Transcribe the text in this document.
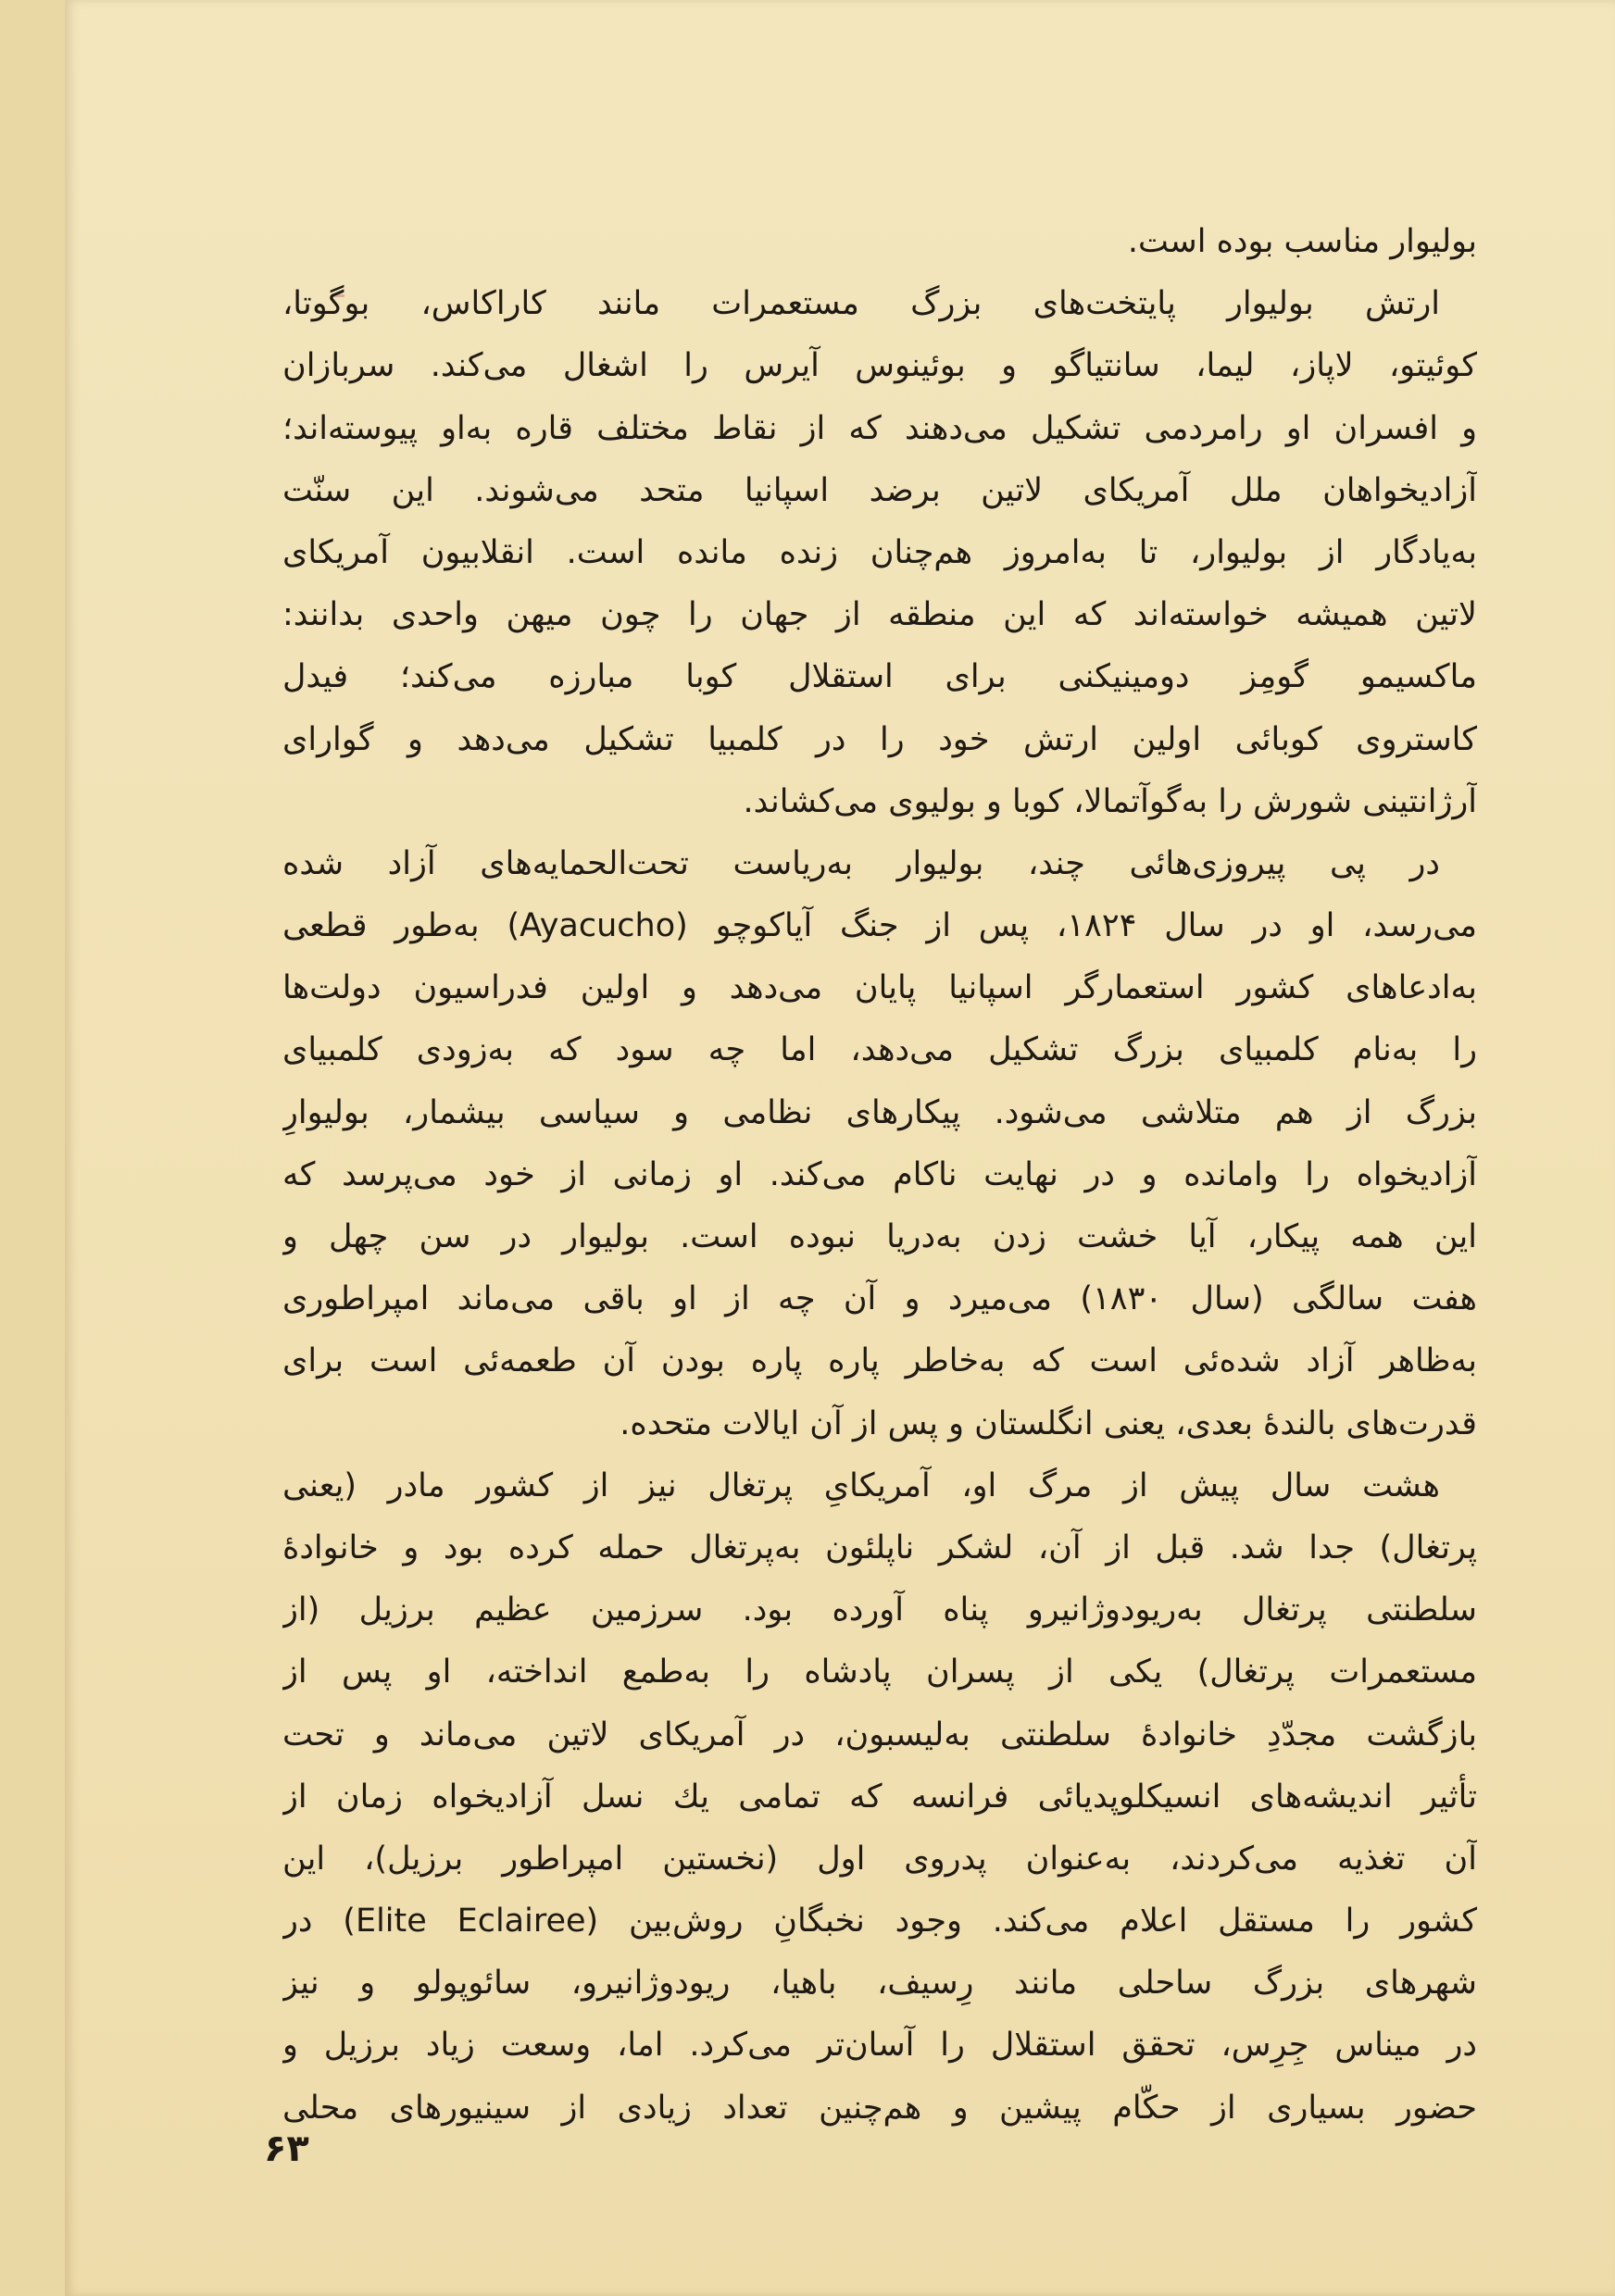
بولیوار مناسب بوده است.
ارتش بولیوار پایتخت‌های بزرگ مستعمرات مانند کاراکاس، بوگوتا،
کوئیتو، لاپاز، لیما، سانتیاگو و بوئینوس آیرس را اشغال می‌کند. سربازان
و افسران او رامردمی تشکیل می‌دهند که از نقاط مختلف قاره به‌او پیوسته‌اند؛
آزادیخواهان ملل آمریکای لاتین برضد اسپانیا متحد می‌شوند. این سنّت
به‌یادگار از بولیوار، تا به‌امروز هم‌چنان زنده مانده است. انقلابیون آمریکای
لاتین همیشه خواسته‌اند که این منطقه از جهان را چون میهن واحدی بدانند:
ماکسیمو گومِز دومینیکنی برای استقلال کوبا مبارزه می‌کند؛ فیدل
کاستروی کوبائی اولین ارتش خود را در کلمبیا تشکیل می‌دهد و گوارای
آرژانتینی شورش را به‌گوآتمالا، کوبا و بولیوی می‌کشاند.
در پی پیروزی‌هائی چند، بولیوار به‌ریاست تحت‌الحمایه‌های آزاد شده
می‌رسد، او در سال ۱۸۲۴، پس از جنگ آیاکوچو (Ayacucho) به‌طور قطعی
به‌ادعاهای کشور استعمارگر اسپانیا پایان می‌دهد و اولین فدراسیون دولت‌ها
را به‌نام کلمبیای بزرگ تشکیل می‌دهد، اما چه سود که به‌زودی کلمبیای
بزرگ از هم متلاشی می‌شود. پیکارهای نظامی و سیاسی بیشمار، بولیوارِ
آزادیخواه را وامانده و در نهایت ناکام می‌کند. او زمانی از خود می‌پرسد که
این همه پیکار، آیا خشت زدن به‌دریا نبوده است. بولیوار در سن چهل و
هفت سالگی (سال ۱۸۳۰) می‌میرد و آن چه از او باقی می‌ماند امپراطوری
به‌ظاهر آزاد شده‌ئی است که به‌خاطر پاره پاره بودن آن طعمه‌ئی است برای
قدرت‌های بالندهٔ بعدی، یعنی انگلستان و پس از آن ایالات متحده.
هشت سال پیش از مرگ او، آمریکایِ پرتغال نیز از کشور مادر (یعنی
پرتغال) جدا شد. قبل از آن، لشکر ناپلئون به‌پرتغال حمله کرده بود و خانوادهٔ
سلطنتی پرتغال به‌ریودوژانیرو پناه آورده بود. سرزمین عظیم برزیل (از
مستعمرات پرتغال) یکی از پسران پادشاه را به‌طمع انداخته، او پس از
بازگشت مجدّدِ خانوادهٔ سلطنتی به‌لیسبون، در آمریکای لاتین می‌ماند و تحت
تأثیر اندیشه‌های انسیکلوپدیائی فرانسه که تمامی یك نسل آزادیخواه زمان از
آن تغذیه می‌کردند، به‌عنوان پدروی اول (نخستین امپراطور برزیل)، این
کشور را مستقل اعلام می‌کند. وجود نخبگانِ روش‌بین (Elite Eclairee) در
شهرهای بزرگ ساحلی مانند رِسیف، باهیا، ریودوژانیرو، سائوپولو و نیز
در میناس جِرِس، تحقق استقلال را آسان‌تر می‌کرد. اما، وسعت زیاد برزیل و
حضور بسیاری از حکّام پیشین و هم‌چنین تعداد زیادی از سینیورهای محلی
۶۳
